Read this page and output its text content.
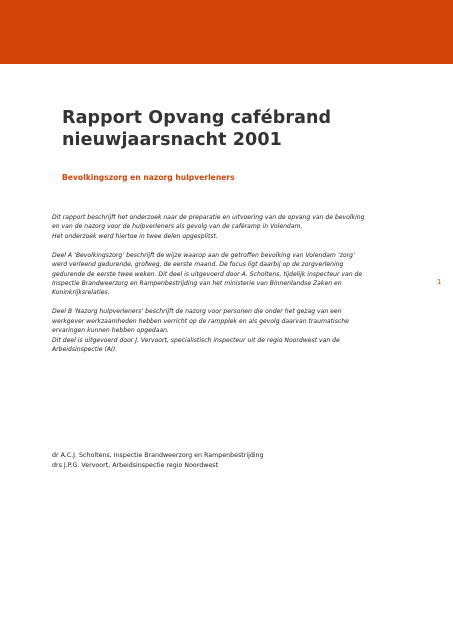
Rapport Opvang cafébrand
nieuwjaarsnacht 2001
Bevolkingszorg en nazorg hulpverleners

Dit rapport beschrijft het onderzoek naar de preparatie en uitvoering van de opvang van de bevolking
en van de nazorg voor de hulpverleners als gevolg van de caféramp in Volendam.
Het onderzoek werd hiertoe in twee delen opgesplitst.

Deel A ‘Bevolkingszorg’ beschrijft de wijze waarop aan de getroffen bevolking van Volendam ‘zorg’
werd verleend gedurende, grofweg, de eerste maand. De focus ligt daarbij op de zorgverlening
gedurende de eerste twee weken. Dit deel is uitgevoerd door A. Scholtens, tijdelijk inspecteur van de
Inspectie Brandweerzorg en Rampenbestrijding van het ministerie van Binnenlandse Zaken en
Koninkrijksrelaties.

Deel B ‘Nazorg hulpverleners’ beschrijft de nazorg voor personen die onder het gezag van een
werkgever werkzaamheden hebben verricht op de rampplek en als gevolg daarvan traumatische
ervaringen kunnen hebben opgedaan.
Dit deel is uitgevoerd door J. Vervoort, specialistisch inspecteur uit de regio Noordwest van de
Arbeidsinspectie (AI).

1
dr A.C.J. Scholtens, Inspectie Brandweerzorg en Rampenbestrijding
drs J.P.G. Vervoort, Arbeidsinspectie regio Noordwest
